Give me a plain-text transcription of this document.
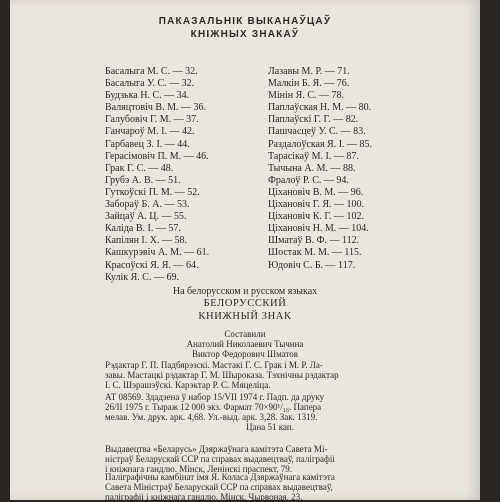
ПАКАЗАЛЬНІК ВЫКАНАЎЦАЎ
КНІЖНЫХ ЗНАКАЎ
Басалыга М. С. — 32.
Басалыга У. С. — 32.
Будзька Н. С. — 34.
Валяцтовіч В. М. — 36.
Галубовіч Г. М. — 37.
Ганчароў М. І. — 42.
Гарбавец З. І. — 44.
Герасімовіч П. М. — 46.
Грак Г. С. — 48.
Грубэ А. В. — 51.
Гуткоўскі П. М. — 52.
Забораў Б. А. — 53.
Зайцаў А. Ц. — 55.
Калiда В. І. — 57.
Капілян І. Х. — 58.
Кашкурэвіч А. М. — 61.
Красоўскі Я. Я. — 64.
Кулік Я. С. — 69.
Лазавы М. Р. — 71.
Малкін Б. Я. — 76.
Мінін Я. С. — 78.
Паплаўская Н. М. — 80.
Паплаўскі Г. Г. — 82.
Пашчасцеў У. С. — 83.
Раздалоўская Я. І. — 85.
Тарасікаў М. І. — 87.
Тычына А. М. — 88.
Фралоў Р. С. — 94.
Цiхановіч В. М. — 96.
Цiхановіч Г. Я. — 100.
Цiхановіч К. Г. — 102.
Цiхановіч Н. М. — 104.
Шматаў В. Ф. — 112.
Шостак М. М. — 115.
Юдовіч С. Б. — 117.
На белорусском и русском языках
БЕЛОРУССКИЙ
КНИЖНЫЙ ЗНАК
Составили
Анатолий Николаевич Тычина
Виктор Федорович Шматов
Рэдактар Г. П. Падбярэзскі. Мастакі Г. С. Грак і М. Р. Ла-
завы. Мастацкі рэдактар Г. М. Шыроказа. Тэхнічны рэдактар
І. С. Шэрашэўскі. Карэктар Р. С. Мяцеліца.
АТ 08569. Здадзена ў набор 15/VII 1974 г. Падп. да друку
26/II 1975 г. Тыраж 12 000 экз. Фармат 70×90¹/₁₆. Папера
мелав. Ум. друк. арк. 4,68. Ул.-выд. арк. 3,28. Зак. 1319.
Цана 51 кап.
Выдавецтва «Беларусь» Дзяржаўнага камітэта Савета Мі-
ністраў Беларускай ССР па справах выдавецтваў, паліграфіі
і кніжнага гандлю. Мінск, Ленінскі праспект, 79.
Паліграфічны камбінат імя Я. Коласа Дзяржаўнага камітэта
Савета Міністраў Беларускай ССР па справах выдавецтваў,
паліграфіі і кніжнага гандлю. Мінск, Чырвоная, 23.
